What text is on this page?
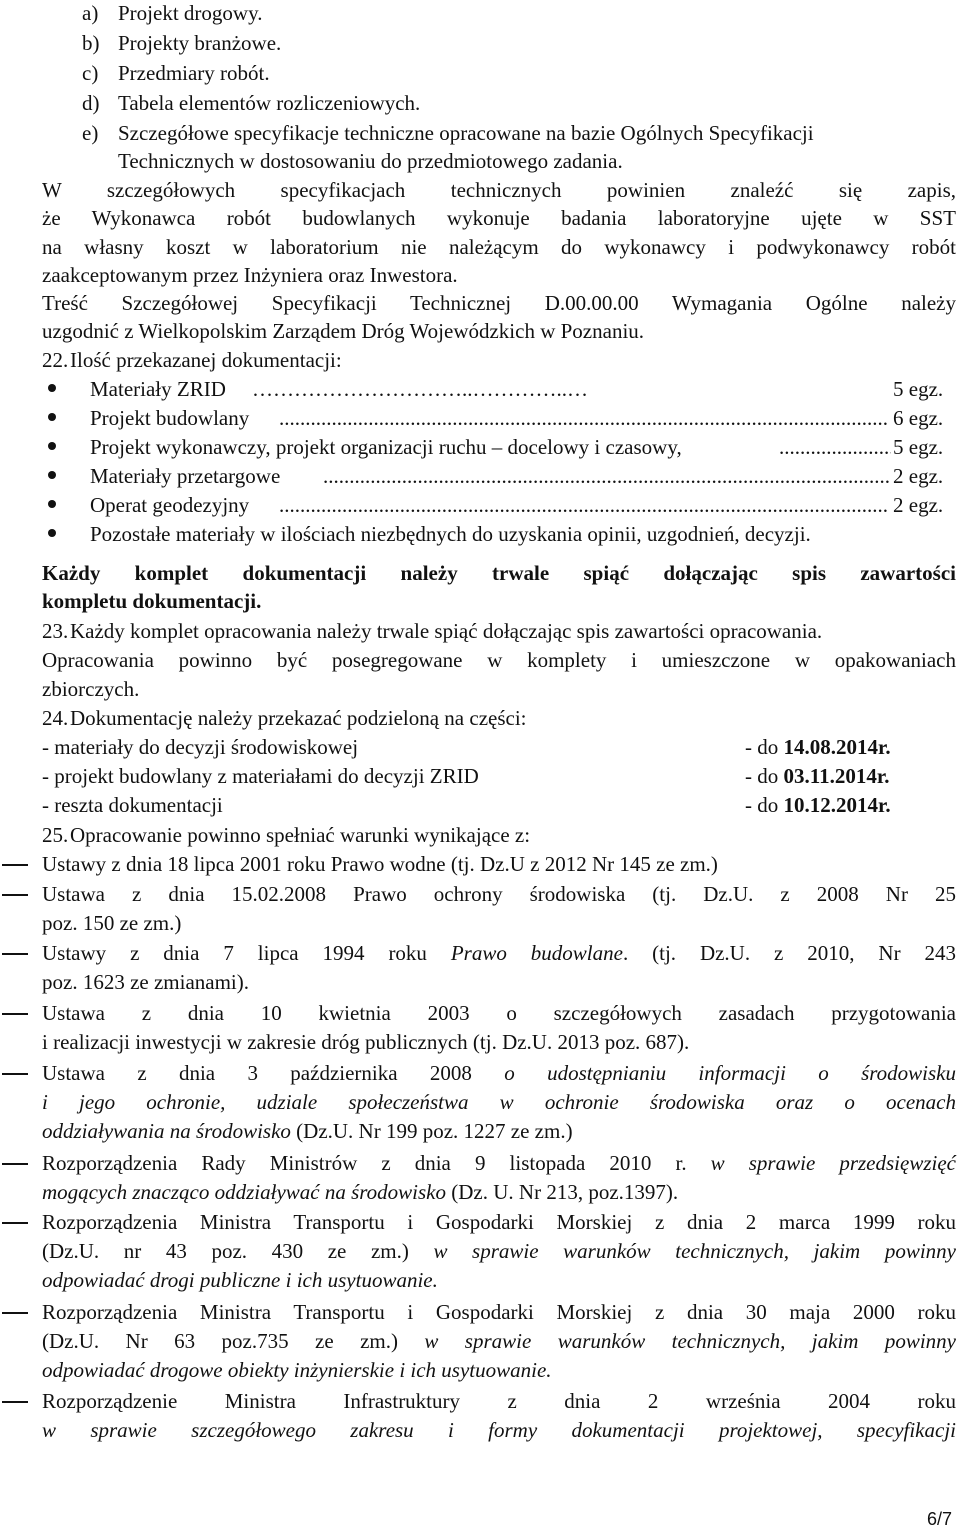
a) Projekt drogowy.
b) Projekty branżowe.
c) Przedmiary robót.
d) Tabela elementów rozliczeniowych.
e) Szczegółowe specyfikacje techniczne opracowane na bazie Ogólnych Specyfikacji
Technicznych w dostosowaniu do przedmiotowego zadania.
W szczegółowych specyfikacjach technicznych powinien znaleźć się zapis,
że Wykonawca robót budowlanych wykonuje badania laboratoryjne ujęte w SST
na własny koszt w laboratorium nie należącym do wykonawcy i podwykonawcy robót
zaakceptowanym przez Inżyniera oraz Inwestora.
Treść Szczegółowej Specyfikacji Technicznej D.00.00.00 Wymagania Ogólne należy
uzgodnić z Wielkopolskim Zarządem Dróg Wojewódzkich w Poznaniu.
22. Ilość przekazanej dokumentacji:
Materiały ZRID …………………………..…………..…	5 egz.
Projekt budowlany .....	6 egz.
Projekt wykonawczy, projekt organizacji ruchu – docelowy i czasowy, .....	5 egz.
Materiały przetargowe .....	2 egz.
Operat geodezyjny .....	2 egz.
Pozostałe materiały w ilościach niezbędnych do uzyskania opinii, uzgodnień, decyzji.
Każdy komplet dokumentacji należy trwale spiąć dołączając spis zawartości
kompletu dokumentacji.
23. Każdy komplet opracowania należy trwale spiąć dołączając spis zawartości opracowania.
Opracowania powinno być posegregowane w komplety i umieszczone w opakowaniach
zbiorczych.
24. Dokumentację należy przekazać podzieloną na części:
- materiały do decyzji środowiskowej	- do 14.08.2014r.
- projekt budowlany z materiałami do decyzji ZRID	- do 03.11.2014r.
- reszta dokumentacji	- do 10.12.2014r.
25. Opracowanie powinno spełniać warunki wynikające z:
Ustawy z dnia 18 lipca 2001 roku Prawo wodne (tj. Dz.U z 2012 Nr 145 ze zm.)
Ustawa z dnia 15.02.2008 Prawo ochrony środowiska (tj. Dz.U. z 2008 Nr 25
poz. 150 ze zm.)
Ustawy z dnia 7 lipca 1994 roku Prawo budowlane. (tj. Dz.U. z 2010, Nr 243
poz. 1623 ze zmianami).
Ustawa z dnia 10 kwietnia 2003 o szczegółowych zasadach przygotowania
i realizacji inwestycji w zakresie dróg publicznych (tj. Dz.U. 2013 poz. 687).
Ustawa z dnia 3 października 2008 o udostępnianiu informacji o środowisku
i jego ochronie, udziale społeczeństwa w ochronie środowiska oraz o ocenach
oddziaływania na środowisko (Dz.U. Nr 199 poz. 1227 ze zm.)
Rozporządzenia Rady Ministrów z dnia 9 listopada 2010 r. w sprawie przedsięwzięć
mogących znacząco oddziaływać na środowisko (Dz. U. Nr 213, poz.1397).
Rozporządzenia Ministra Transportu i Gospodarki Morskiej z dnia 2 marca 1999 roku
(Dz.U. nr 43 poz. 430 ze zm.) w sprawie warunków technicznych, jakim powinny
odpowiadać drogi publiczne i ich usytuowanie.
Rozporządzenia Ministra Transportu i Gospodarki Morskiej z dnia 30 maja 2000 roku
(Dz.U. Nr 63 poz.735 ze zm.) w sprawie warunków technicznych, jakim powinny
odpowiadać drogowe obiekty inżynierskie i ich usytuowanie.
Rozporządzenie Ministra Infrastruktury z dnia 2 września 2004 roku
w sprawie szczegółowego zakresu i formy dokumentacji projektowej, specyfikacji
6/7
